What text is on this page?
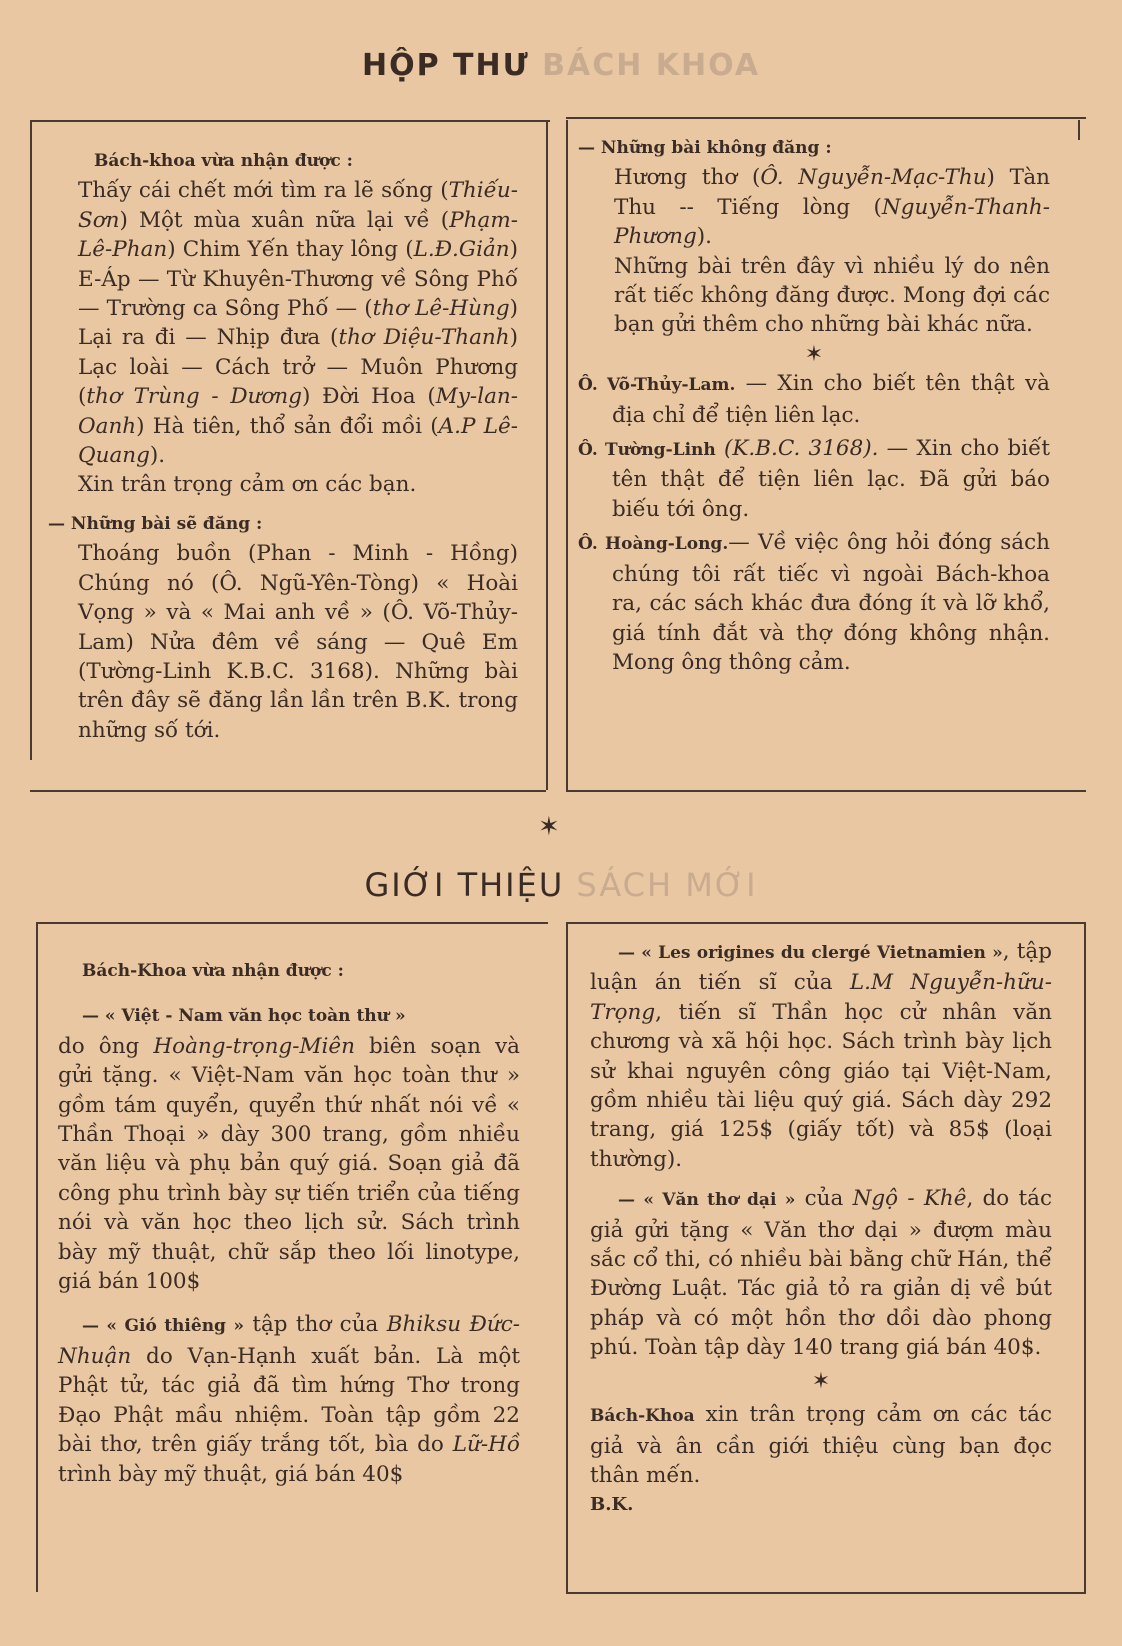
HỘP THƯ BÁCH KHOA

Bách-khoa vừa nhận được :

Thấy cái chết mới tìm ra lẽ sống (Thiếu-Sơn) Một mùa xuân nữa lại về (Phạm-Lê-Phan) Chim Yến thay lông (L.Đ.Giản) E-Áp — Từ Khuyên-Thương về Sông Phố — Trường ca Sông Phố — (thơ Lê-Hùng) Lại ra đi — Nhịp đưa (thơ Diệu-Thanh) Lạc loài — Cách trở — Muôn Phương (thơ Trùng - Dương) Đời Hoa (My-lan-Oanh) Hà tiên, thổ sản đổi mồi (A.P Lê-Quang).

Xin trân trọng cảm ơn các bạn.

— Những bài sẽ đăng :

Thoáng buồn (Phan - Minh - Hồng) Chúng nó (Ô. Ngũ-Yên-Tòng) « Hoài Vọng » và « Mai anh về » (Ô. Võ-Thủy-Lam) Nửa đêm về sáng — Quê Em (Tường-Linh K.B.C. 3168). Những bài trên đây sẽ đăng lần lần trên B.K. trong những số tới.

— Những bài không đăng :

Hương thơ (Ô. Nguyễn-Mạc-Thu) Tàn Thu -- Tiếng lòng (Nguyễn-Thanh-Phương).

Những bài trên đây vì nhiều lý do nên rất tiếc không đăng được. Mong đợi các bạn gửi thêm cho những bài khác nữa.

✶

Ô. Võ-Thủy-Lam. — Xin cho biết tên thật và địa chỉ để tiện liên lạc.

Ô. Tường-Linh (K.B.C. 3168). — Xin cho biết tên thật để tiện liên lạc. Đã gửi báo biếu tới ông.

Ô. Hoàng-Long.— Về việc ông hỏi đóng sách chúng tôi rất tiếc vì ngoài Bách-khoa ra, các sách khác đưa đóng ít và lỡ khổ, giá tính đắt và thợ đóng không nhận. Mong ông thông cảm.

✶
GIỚI THIỆU SÁCH MỚI

Bách-Khoa vừa nhận được :

— « Việt - Nam văn học toàn thư »
do ông Hoàng-trọng-Miên biên soạn và gửi tặng. « Việt-Nam văn học toàn thư » gồm tám quyển, quyển thứ nhất nói về « Thần Thoại » dày 300 trang, gồm nhiều văn liệu và phụ bản quý giá. Soạn giả đã công phu trình bày sự tiến triển của tiếng nói và văn học theo lịch sử. Sách trình bày mỹ thuật, chữ sắp theo lối linotype, giá bán 100$

— « Gió thiêng » tập thơ của Bhiksu Đức-Nhuận do Vạn-Hạnh xuất bản. Là một Phật tử, tác giả đã tìm hứng Thơ trong Đạo Phật mầu nhiệm. Toàn tập gồm 22 bài thơ, trên giấy trắng tốt, bìa do Lữ-Hồ trình bày mỹ thuật, giá bán 40$

— « Les origines du clergé Vietnamien », tập luận án tiến sĩ của L.M Nguyễn-hữu-Trọng, tiến sĩ Thần học cử nhân văn chương và xã hội học. Sách trình bày lịch sử khai nguyên công giáo tại Việt-Nam, gồm nhiều tài liệu quý giá. Sách dày 292 trang, giá 125$ (giấy tốt) và 85$ (loại thường).

— « Văn thơ dại » của Ngộ - Khê, do tác giả gửi tặng « Văn thơ dại » đượm màu sắc cổ thi, có nhiều bài bằng chữ Hán, thể Đường Luật. Tác giả tỏ ra giản dị về bút pháp và có một hồn thơ dồi dào phong phú. Toàn tập dày 140 trang giá bán 40$.

✶

Bách-Khoa xin trân trọng cảm ơn các tác giả và ân cần giới thiệu cùng bạn đọc thân mến.

B.K.
